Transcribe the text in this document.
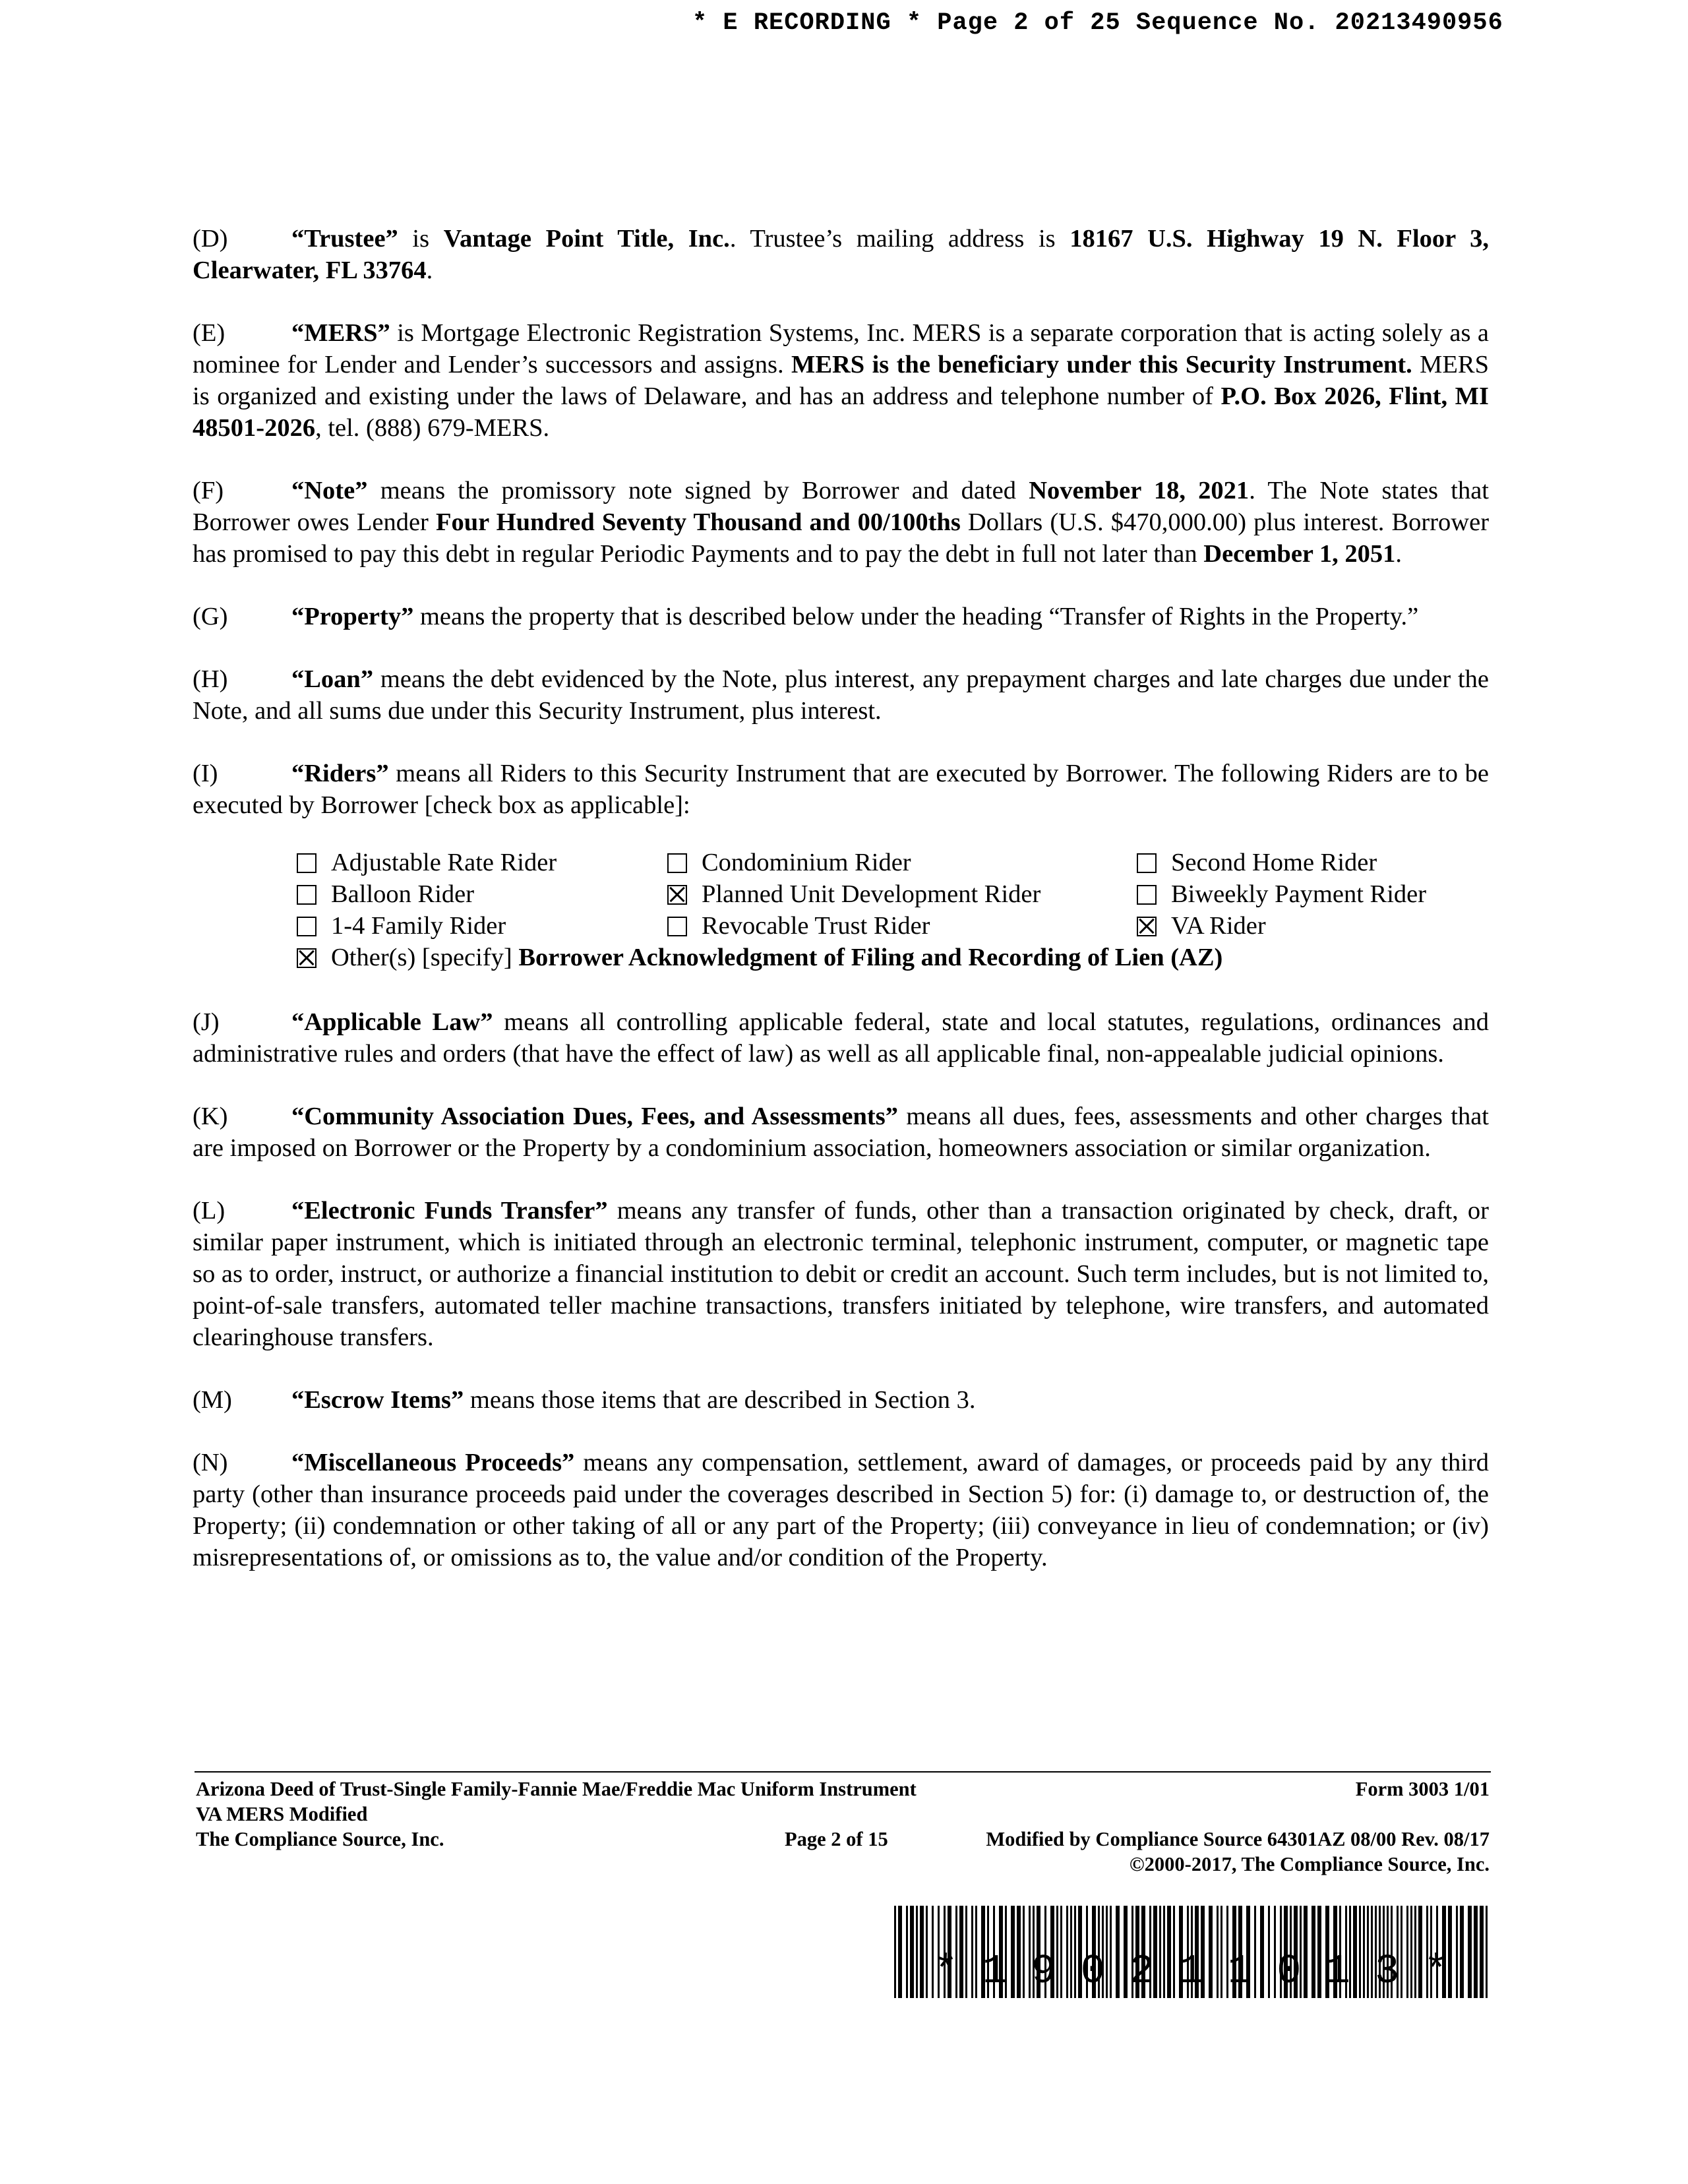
* E RECORDING * Page 2 of 25 Sequence No. 20213490956
(D)	“Trustee” is Vantage Point Title, Inc.. Trustee’s mailing address is 18167 U.S. Highway 19 N. Floor 3, Clearwater, FL 33764.
(E)	“MERS” is Mortgage Electronic Registration Systems, Inc. MERS is a separate corporation that is acting solely as a nominee for Lender and Lender’s successors and assigns. MERS is the beneficiary under this Security Instrument. MERS is organized and existing under the laws of Delaware, and has an address and telephone number of P.O. Box 2026, Flint, MI 48501-2026, tel. (888) 679-MERS.
(F)	“Note” means the promissory note signed by Borrower and dated November 18, 2021. The Note states that Borrower owes Lender Four Hundred Seventy Thousand and 00/100ths Dollars (U.S. $470,000.00) plus interest. Borrower has promised to pay this debt in regular Periodic Payments and to pay the debt in full not later than December 1, 2051.
(G)	“Property” means the property that is described below under the heading “Transfer of Rights in the Property.”
(H)	“Loan” means the debt evidenced by the Note, plus interest, any prepayment charges and late charges due under the Note, and all sums due under this Security Instrument, plus interest.
(I)	“Riders” means all Riders to this Security Instrument that are executed by Borrower. The following Riders are to be executed by Borrower [check box as applicable]:
Adjustable Rate Rider	Condominium Rider	Second Home Rider
Balloon Rider	Planned Unit Development Rider	Biweekly Payment Rider
1-4 Family Rider	Revocable Trust Rider	VA Rider
Other(s) [specify] Borrower Acknowledgment of Filing and Recording of Lien (AZ)
(J)	“Applicable Law” means all controlling applicable federal, state and local statutes, regulations, ordinances and administrative rules and orders (that have the effect of law) as well as all applicable final, non-appealable judicial opinions.
(K)	“Community Association Dues, Fees, and Assessments” means all dues, fees, assessments and other charges that are imposed on Borrower or the Property by a condominium association, homeowners association or similar organization.
(L)	“Electronic Funds Transfer” means any transfer of funds, other than a transaction originated by check, draft, or similar paper instrument, which is initiated through an electronic terminal, telephonic instrument, computer, or magnetic tape so as to order, instruct, or authorize a financial institution to debit or credit an account. Such term includes, but is not limited to, point-of-sale transfers, automated teller machine transactions, transfers initiated by telephone, wire transfers, and automated clearinghouse transfers.
(M) “Escrow Items” means those items that are described in Section 3.
(N)	“Miscellaneous Proceeds” means any compensation, settlement, award of damages, or proceeds paid by any third party (other than insurance proceeds paid under the coverages described in Section 5) for: (i) damage to, or destruction of, the Property; (ii) condemnation or other taking of all or any part of the Property; (iii) conveyance in lieu of condemnation; or (iv) misrepresentations of, or omissions as to, the value and/or condition of the Property.
Arizona Deed of Trust-Single Family-Fannie Mae/Freddie Mac Uniform Instrument	Form 3003 1/01
VA MERS Modified
The Compliance Source, Inc.	Page 2 of 15	Modified by Compliance Source 64301AZ 08/00 Rev. 08/17
©2000-2017, The Compliance Source, Inc.
* 1 9 0 2 1 1 0 1 3 *
